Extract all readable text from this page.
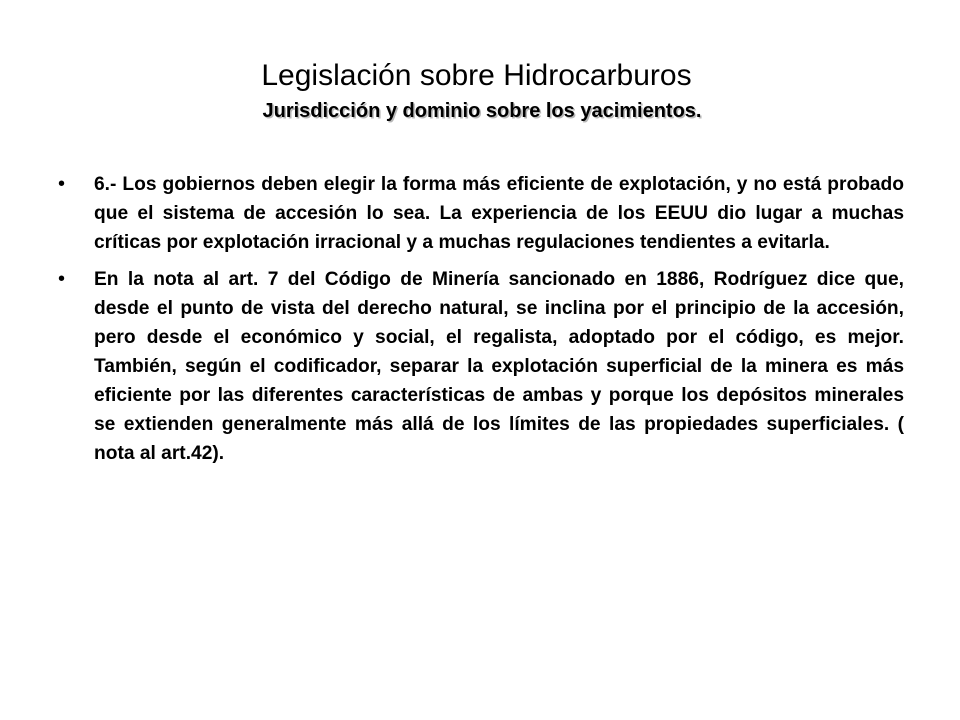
Legislación sobre Hidrocarburos
Jurisdicción y dominio sobre los yacimientos.
•	6.- Los gobiernos deben elegir la forma más eficiente de explotación, y no está probado que el sistema de accesión lo sea. La experiencia de los EEUU dio lugar a muchas críticas por explotación irracional y a muchas regulaciones tendientes a evitarla.
•	En la nota al art. 7 del Código de Minería sancionado en 1886, Rodríguez dice que, desde el punto de vista del derecho natural, se inclina por el principio de la accesión, pero desde el económico y social, el regalista, adoptado por el código, es mejor. También, según el codificador, separar la explotación superficial de la minera es más eficiente por las diferentes características de ambas y porque los depósitos minerales se extienden generalmente más allá de los límites de las propiedades superficiales. ( nota al art.42).
